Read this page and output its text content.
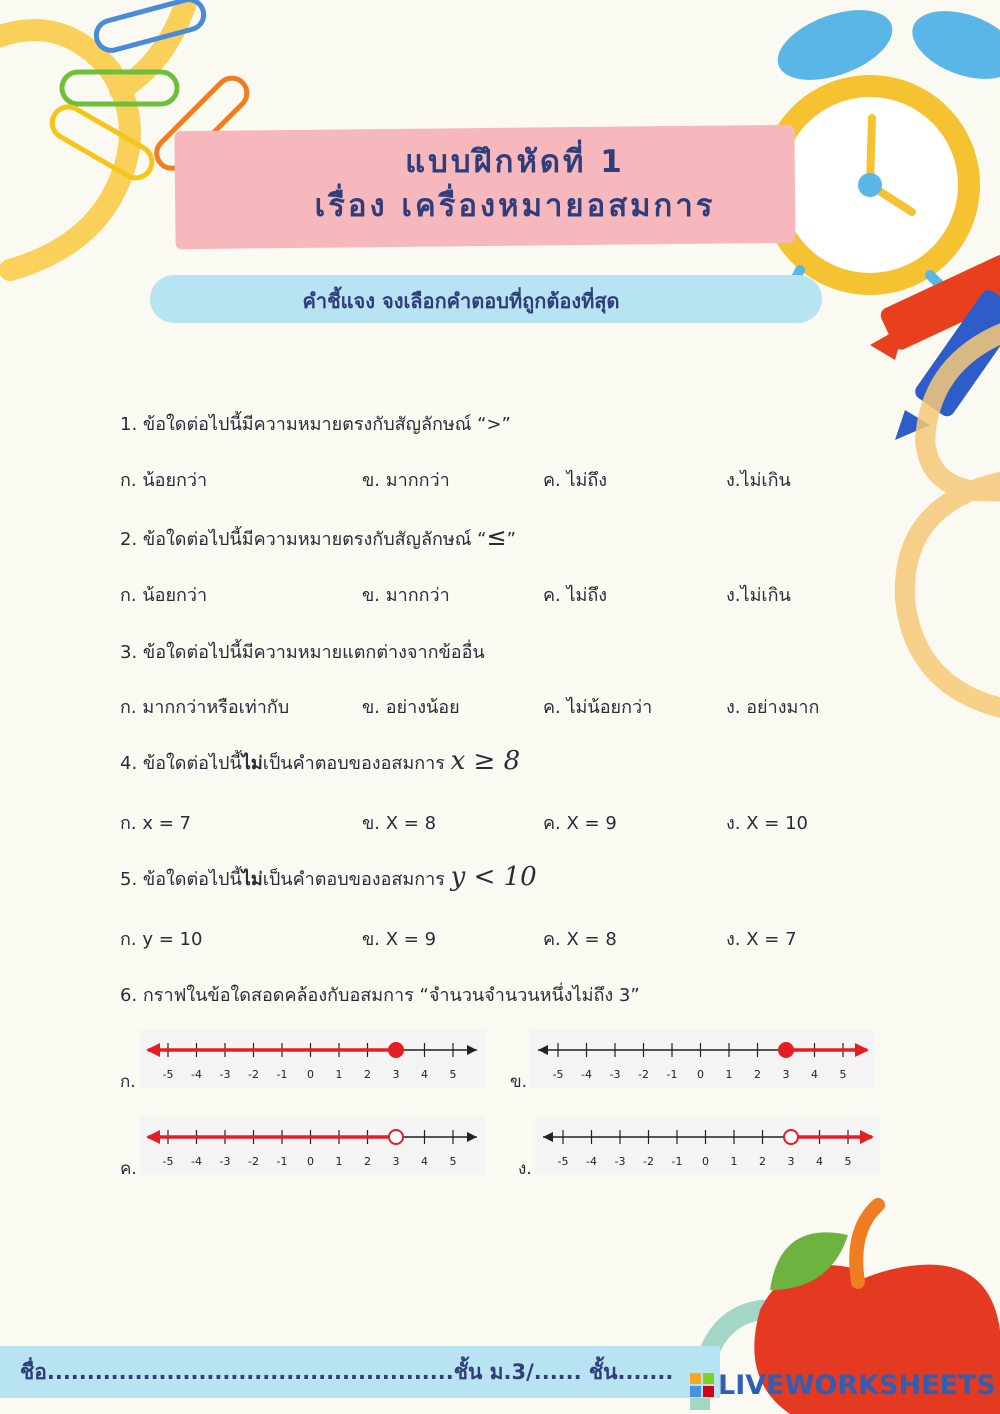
แบบฝึกหัดที่ 1
เรื่อง เครื่องหมายอสมการ
คำชี้แจง จงเลือกคำตอบที่ถูกต้องที่สุด
1. ข้อใดต่อไปนี้มีความหมายตรงกับสัญลักษณ์ “>”
ก. น้อยกว่า	ข. มากกว่า	ค. ไม่ถึง	ง.ไม่เกิน
2. ข้อใดต่อไปนี้มีความหมายตรงกับสัญลักษณ์ “≤”
ก. น้อยกว่า	ข. มากกว่า	ค. ไม่ถึง	ง.ไม่เกิน
3. ข้อใดต่อไปนี้มีความหมายแตกต่างจากข้ออื่น
ก. มากกว่าหรือเท่ากับ	ข. อย่างน้อย	ค. ไม่น้อยกว่า	ง. อย่างมาก
4. ข้อใดต่อไปนี้ไม่เป็นคำตอบของอสมการ x ≥ 8
ก. x = 7	ข. X = 8	ค. X = 9	ง. X = 10
5. ข้อใดต่อไปนี้ไม่เป็นคำตอบของอสมการ y < 10
ก. y = 10	ข. X = 9	ค. X = 8	ง. X = 7
6. กราฟในข้อใดสอดคล้องกับอสมการ “จำนวนจำนวนหนึ่งไม่ถึง 3”
ก.	ข.
ค.	ง.
-5 -4 -3 -2 -1 0 1 2 3 4 5	-5 -4 -3 -2 -1 0 1 2 3 4 5
-5 -4 -3 -2 -1 0 1 2 3 4 5	-5 -4 -3 -2 -1 0 1 2 3 4 5
ชื่อ...................................................ชั้น ม.3/...... ชั้น.......	LIVEWORKSHEETS
